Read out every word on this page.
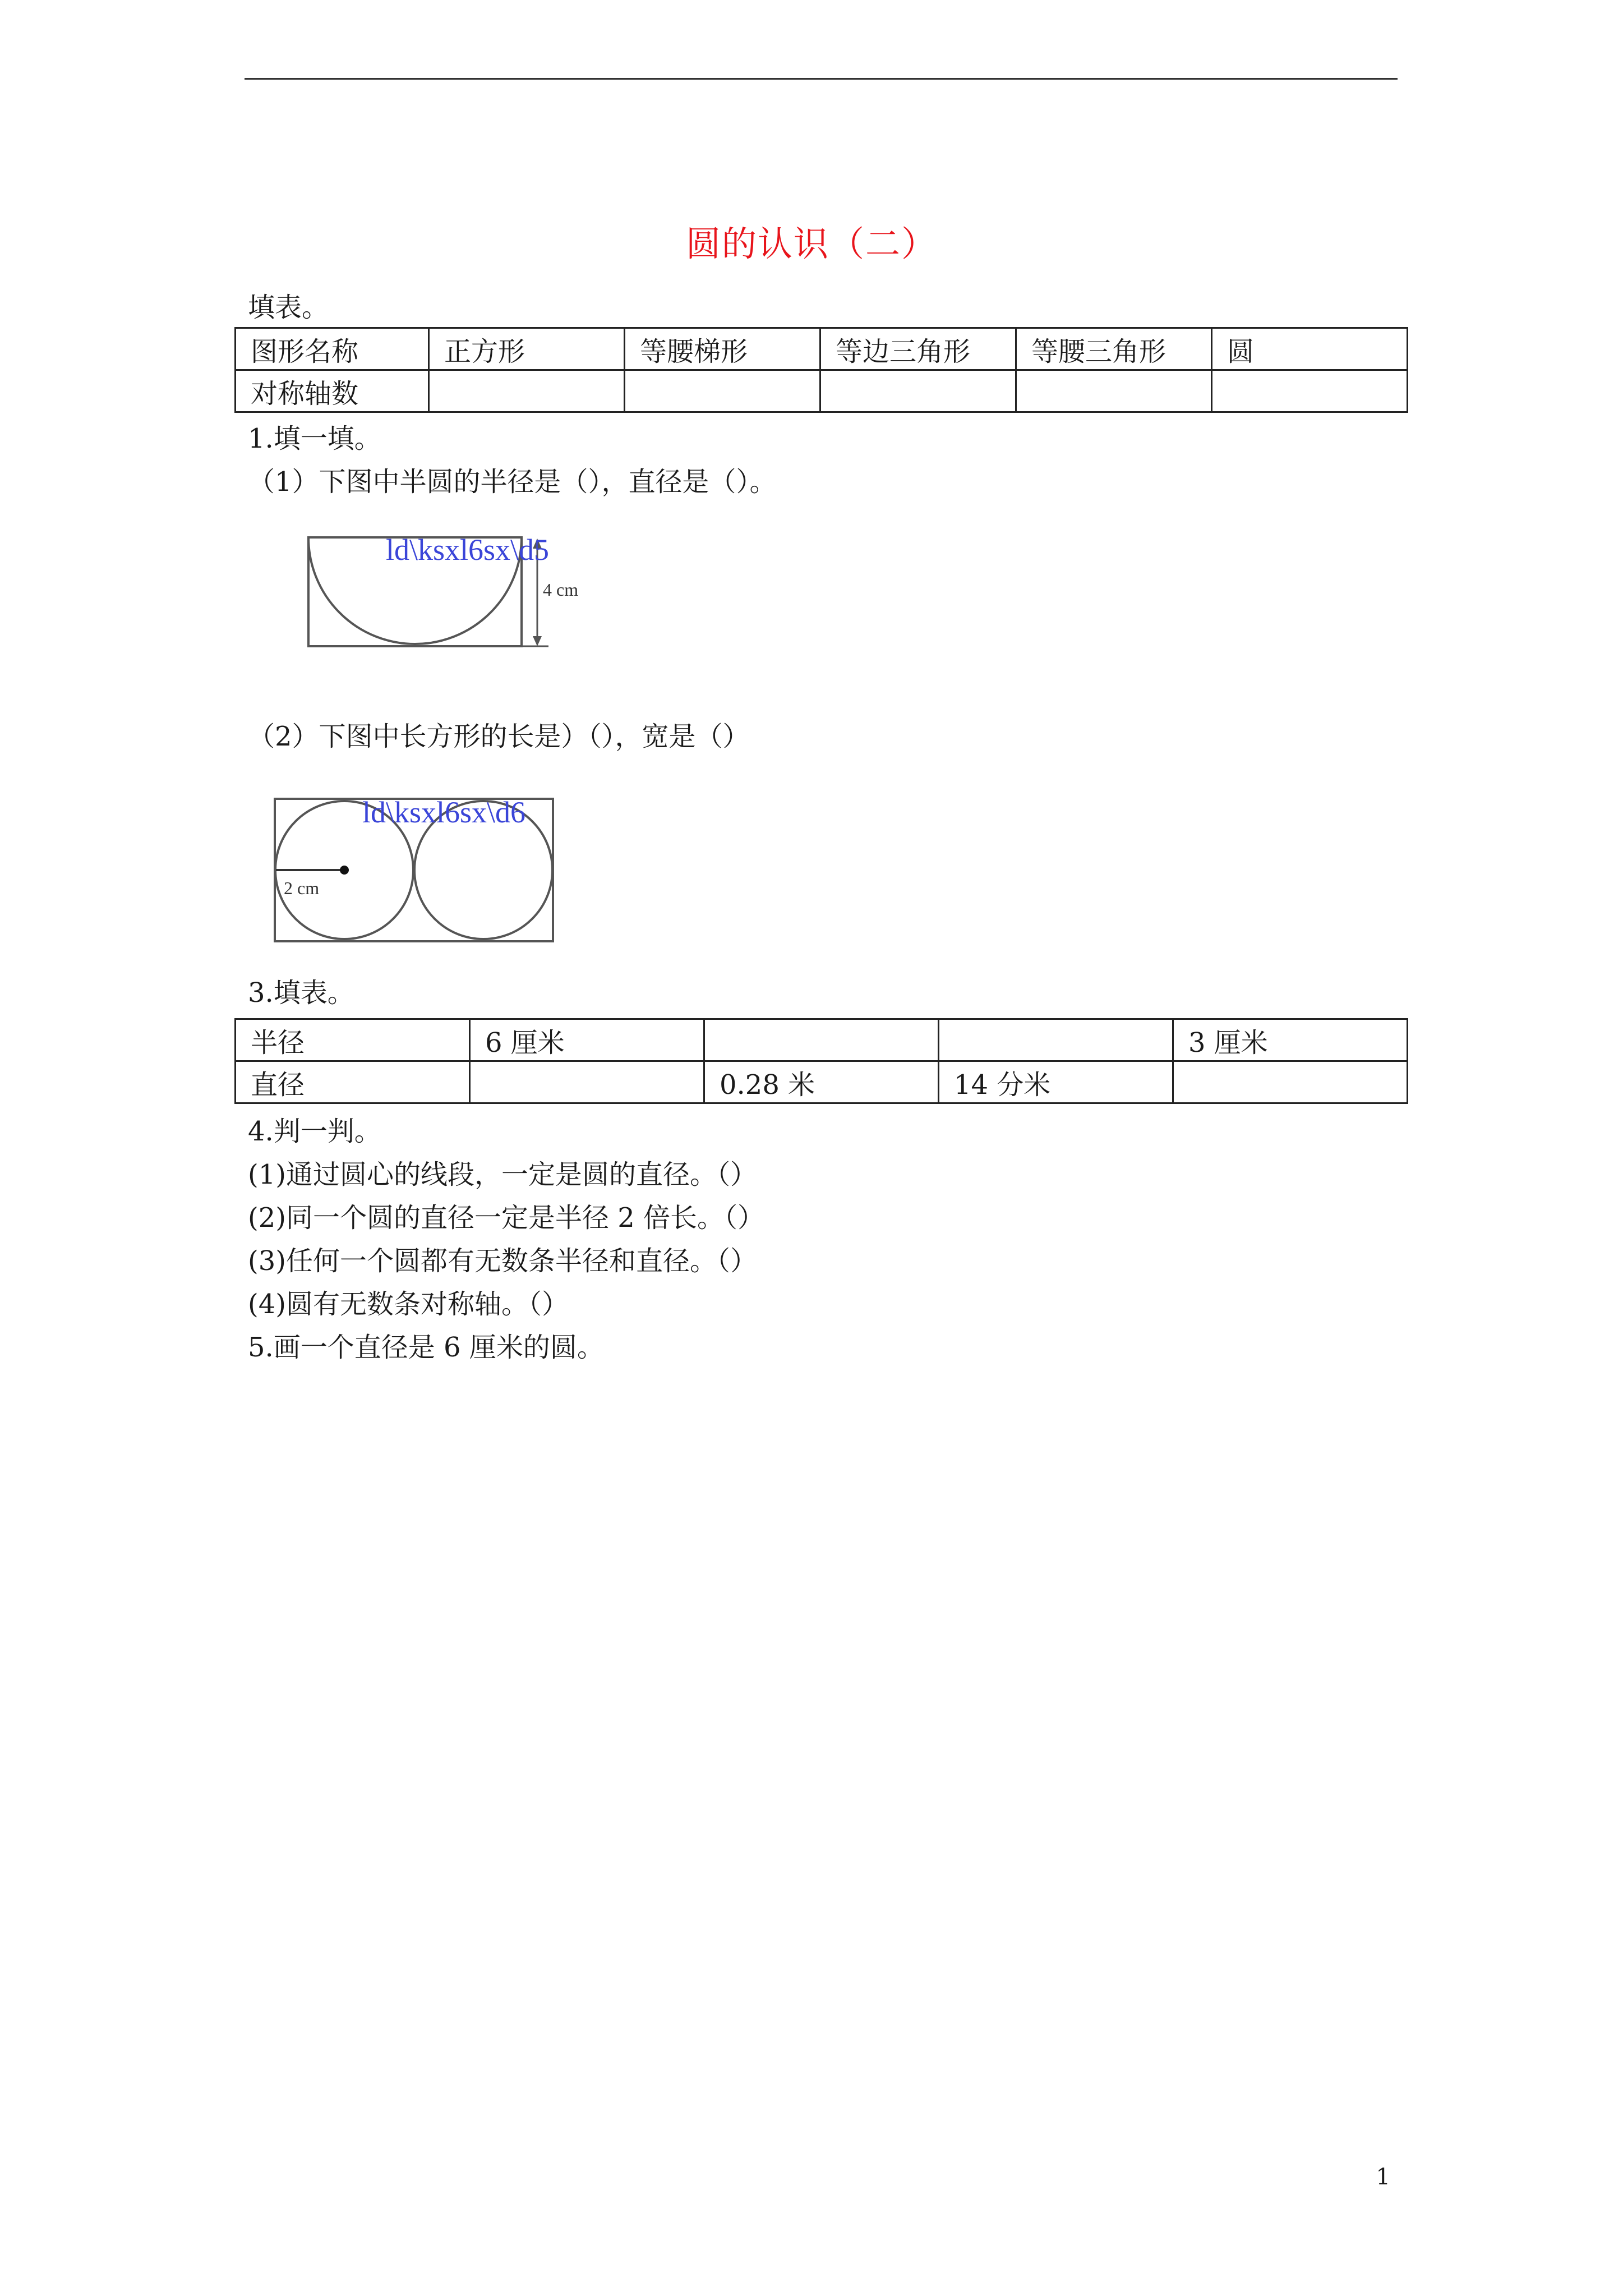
圆的认识（二）
填表。
图形名称	正方形	等腰梯形	等边三角形	等腰三角形	圆
对称轴数					
1.填一填。
（1）下图中半圆的半径是（），直径是（）。
4 cm
ld\ksxl6sx\d5
（2）下图中长方形的长是）（），宽是（）
2 cm
ld\ksxl6sx\d6
3.填表。
半径	6 厘米			3 厘米
直径		0.28 米	14 分米	
4.判一判。
(1)通过圆心的线段，一定是圆的直径。（）
(2)同一个圆的直径一定是半径 2 倍长。（）
(3)任何一个圆都有无数条半径和直径。（）
(4)圆有无数条对称轴。（）
5.画一个直径是 6 厘米的圆。
1
